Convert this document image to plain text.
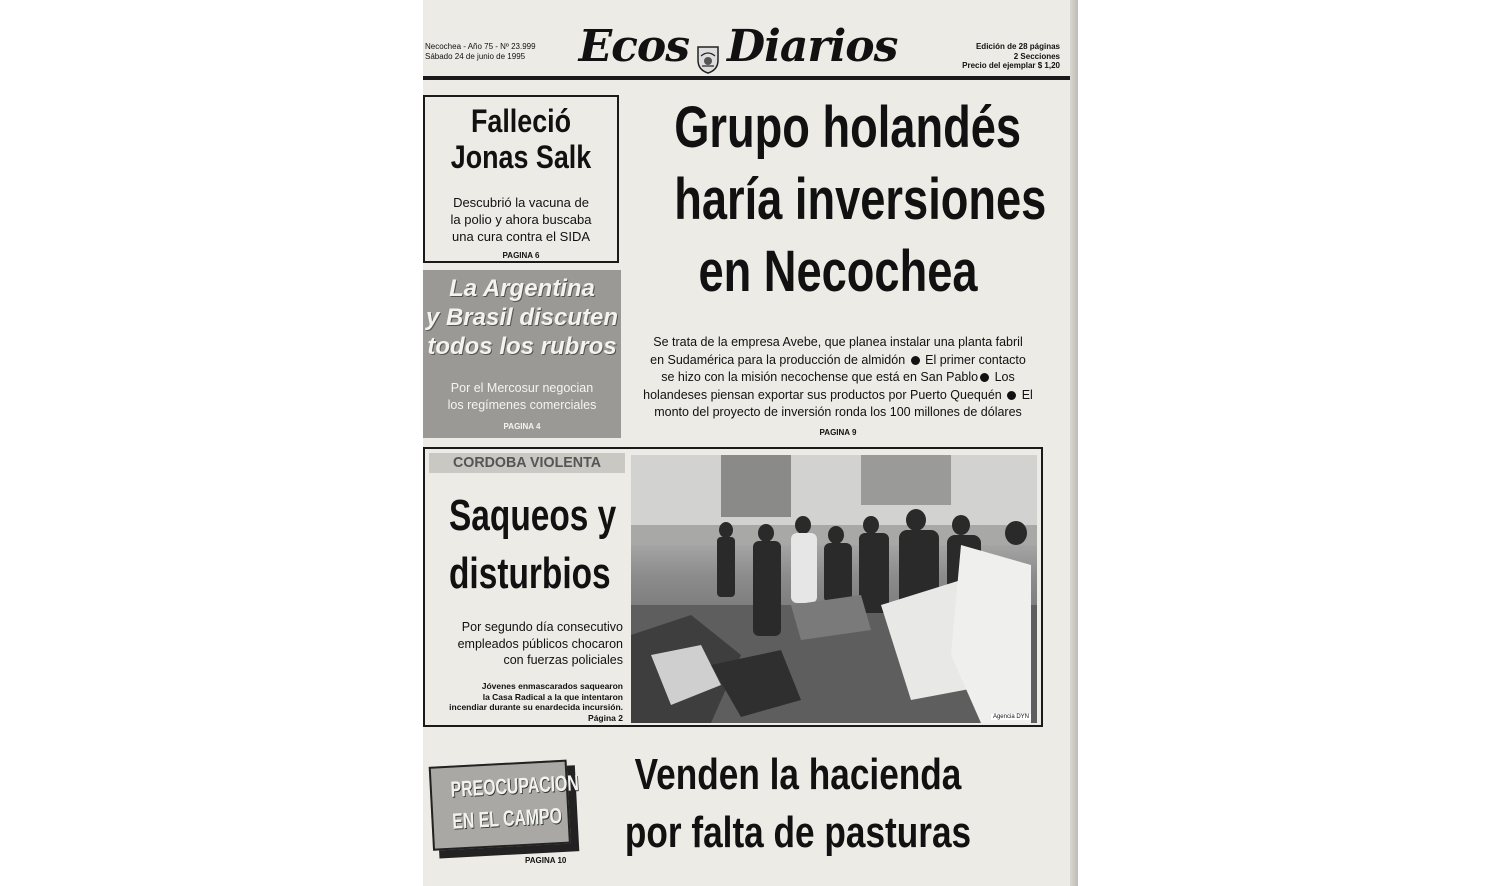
Necochea - Año 75 - Nº 23.999
Sábado 24 de junio de 1995 Ecos Diarios	Edición de 28 páginas
2 Secciones
Precio del ejemplar $ 1,20
Falleció
Jonas Salk
Descubrió la vacuna de
la polio y ahora buscaba
una cura contra el SIDA
PAGINA 6
La Argentina
y Brasil discuten
todos los rubros
Por el Mercosur negocian
los regímenes comerciales
PAGINA 4
Grupo holandés
haría inversiones
en Necochea
Se trata de la empresa Avebe, que planea instalar una planta fabril
en Sudamérica para la producción de almidón El primer contacto
se hizo con la misión necochense que está en San Pablo Los
holandeses piensan exportar sus productos por Puerto Quequén El
monto del proyecto de inversión ronda los 100 millones de dólares
PAGINA 9
CORDOBA VIOLENTA
Saqueos y
disturbios
Por segundo día consecutivo
empleados públicos chocaron
con fuerzas policiales
Jóvenes enmascarados saquearon
la Casa Radical a la que intentaron
incendiar durante su enardecida incursión.
Página 2	Agencia DYN
PREOCUPACION
EN EL CAMPO
PAGINA 10
Venden la hacienda
por falta de pasturas
